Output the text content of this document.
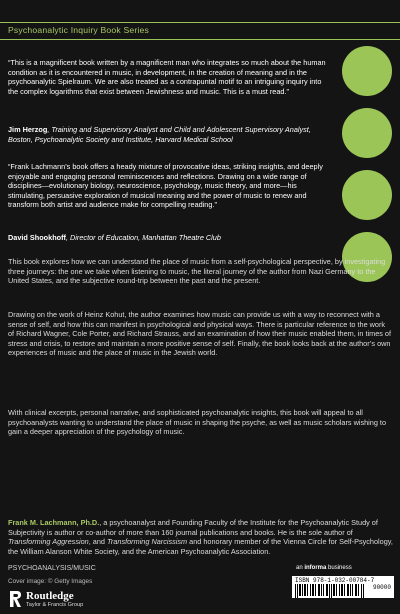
Psychoanalytic Inquiry Book Series
“This is a magnificent book written by a magnificent man who integrates so much about the human condition as it is encountered in music, in development, in the creation of meaning and in the psychoanalytic Spielraum. We are also treated as a contrapuntal motif to an intriguing inquiry into the complex logarithms that exist between Jewishness and music. This is a must read.”
Jim Herzog, Training and Supervisory Analyst and Child and Adolescent Supervisory Analyst, Boston, Psychoanalytic Society and Institute, Harvard Medical School
“Frank Lachmann’s book offers a heady mixture of provocative ideas, striking insights, and deeply enjoyable and engaging personal reminiscences and reflections. Drawing on a wide range of disciplines—evolutionary biology, neuroscience, psychology, music theory, and more—his stimulating, persuasive exploration of musical meaning and the power of music to renew and transform both artist and audience make for compelling reading.”
David Shookhoff, Director of Education, Manhattan Theatre Club

This book explores how we can understand the place of music from a self-psychological perspective, by investigating three journeys: the one we take when listening to music, the literal journey of the author from Nazi Germany to the United States, and the subjective round-trip between the past and the present.

Drawing on the work of Heinz Kohut, the author examines how music can provide us with a way to reconnect with a sense of self, and how this can manifest in psychological and physical ways. There is particular reference to the work of Richard Wagner, Cole Porter, and Richard Strauss, and an examination of how their music enabled them, in times of stress and crisis, to restore and maintain a more positive sense of self. Finally, the book looks back at the author’s own experiences of music and the place of music in the Jewish world.

With clinical excerpts, personal narrative, and sophisticated psychoanalytic insights, this book will appeal to all psychoanalysts wanting to understand the place of music in shaping the psyche, as well as music scholars wishing to gain a deeper appreciation of the psychology of music.

Frank M. Lachmann, Ph.D., a psychoanalyst and Founding Faculty of the Institute for the Psychoanalytic Study of Subjectivity is author or co-author of more than 160 journal publications and books. He is the sole author of Transforming Aggression, and Transforming Narcissism and honorary member of the Vienna Circle for Self-Psychology, the William Alanson White Society, and the American Psychoanalytic Association.

PSYCHOANALYSIS/MUSIC
Cover image: © Getty Images
Routledge
Taylor & Francis Group
an informa business
ISBN 978-1-032-00784-7
90000
